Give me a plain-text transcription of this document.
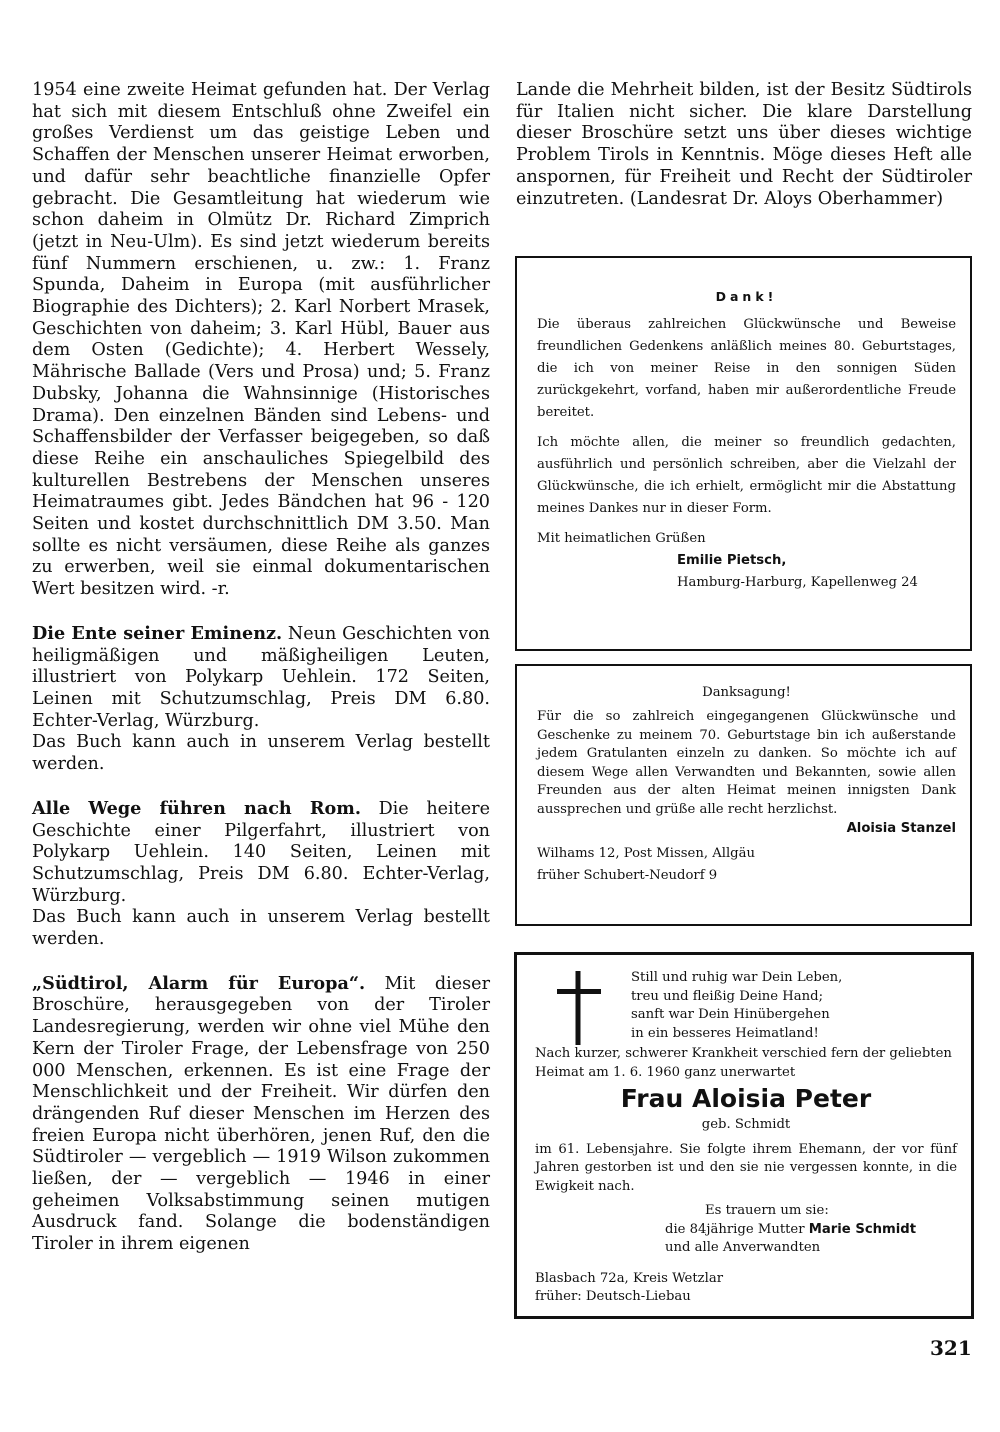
1954 eine zweite Heimat gefunden hat. Der Verlag hat sich mit diesem Entschluß ohne Zweifel ein großes Verdienst um das geistige Leben und Schaffen der Menschen unserer Heimat erworben, und dafür sehr beachtliche finanzielle Opfer gebracht. Die Gesamtleitung hat wiederum wie schon daheim in Olmütz Dr. Richard Zimprich (jetzt in Neu-Ulm). Es sind jetzt wiederum bereits fünf Nummern erschienen, u. zw.: 1. Franz Spunda, Daheim in Europa (mit ausführlicher Biographie des Dichters); 2. Karl Norbert Mrasek, Geschichten von daheim; 3. Karl Hübl, Bauer aus dem Osten (Gedichte); 4. Herbert Wessely, Mährische Ballade (Vers und Prosa) und; 5. Franz Dubsky, Johanna die Wahnsinnige (Historisches Drama). Den einzelnen Bänden sind Lebens- und Schaffensbilder der Verfasser beigegeben, so daß diese Reihe ein anschauliches Spiegelbild des kulturellen Bestrebens der Menschen unseres Heimatraumes gibt. Jedes Bändchen hat 96 - 120 Seiten und kostet durchschnittlich DM 3.50. Man sollte es nicht versäumen, diese Reihe als ganzes zu erwerben, weil sie einmal dokumentarischen Wert besitzen wird. -r.

Die Ente seiner Eminenz. Neun Geschichten von heiligmäßigen und mäßigheiligen Leuten, illustriert von Polykarp Uehlein. 172 Seiten, Leinen mit Schutzumschlag, Preis DM 6.80. Echter-Verlag, Würzburg.
Das Buch kann auch in unserem Verlag bestellt werden.

Alle Wege führen nach Rom. Die heitere Geschichte einer Pilgerfahrt, illustriert von Polykarp Uehlein. 140 Seiten, Leinen mit Schutzumschlag, Preis DM 6.80. Echter-Verlag, Würzburg.
Das Buch kann auch in unserem Verlag bestellt werden.

„Südtirol, Alarm für Europa“. Mit dieser Broschüre, herausgegeben von der Tiroler Landesregierung, werden wir ohne viel Mühe den Kern der Tiroler Frage, der Lebensfrage von 250 000 Menschen, erkennen. Es ist eine Frage der Menschlichkeit und der Freiheit. Wir dürfen den drängenden Ruf dieser Menschen im Herzen des freien Europa nicht überhören, jenen Ruf, den die Südtiroler — vergeblich — 1919 Wilson zukommen ließen, der — vergeblich — 1946 in einer geheimen Volksabstimmung seinen mutigen Ausdruck fand. Solange die bodenständigen Tiroler in ihrem eigenen

Lande die Mehrheit bilden, ist der Besitz Südtirols für Italien nicht sicher. Die klare Darstellung dieser Broschüre setzt uns über dieses wichtige Problem Tirols in Kenntnis. Möge dieses Heft alle anspornen, für Freiheit und Recht der Südtiroler einzutreten. (Landesrat Dr. Aloys Oberhammer)

Dank!

Die überaus zahlreichen Glückwünsche und Beweise freundlichen Gedenkens anläßlich meines 80. Geburtstages, die ich von meiner Reise in den sonnigen Süden zurückgekehrt, vorfand, haben mir außerordentliche Freude bereitet.

Ich möchte allen, die meiner so freundlich gedachten, ausführlich und persönlich schreiben, aber die Vielzahl der Glückwünsche, die ich erhielt, ermöglicht mir die Abstattung meines Dankes nur in dieser Form.

Mit heimatlichen Grüßen

Emilie Pietsch,

Hamburg-Harburg, Kapellenweg 24

Danksagung!

Für die so zahlreich eingegangenen Glückwünsche und Geschenke zu meinem 70. Geburtstage bin ich außerstande jedem Gratulanten einzeln zu danken. So möchte ich auf diesem Wege allen Verwandten und Bekannten, sowie allen Freunden aus der alten Heimat meinen innigsten Dank aussprechen und grüße alle recht herzlichst.

Aloisia Stanzel

Wilhams 12, Post Missen, Allgäu

früher Schubert-Neudorf 9

Still und ruhig war Dein Leben,
treu und fleißig Deine Hand;
sanft war Dein Hinübergehen
in ein besseres Heimatland!

Nach kurzer, schwerer Krankheit verschied fern der geliebten Heimat am 1. 6. 1960 ganz unerwartet

Frau Aloisia Peter

geb. Schmidt

im 61. Lebensjahre. Sie folgte ihrem Ehemann, der vor fünf Jahren gestorben ist und den sie nie vergessen konnte, in die Ewigkeit nach.

Es trauern um sie:

die 84jährige Mutter Marie Schmidt

und alle Anverwandten

Blasbach 72a, Kreis Wetzlar

früher: Deutsch-Liebau

321
